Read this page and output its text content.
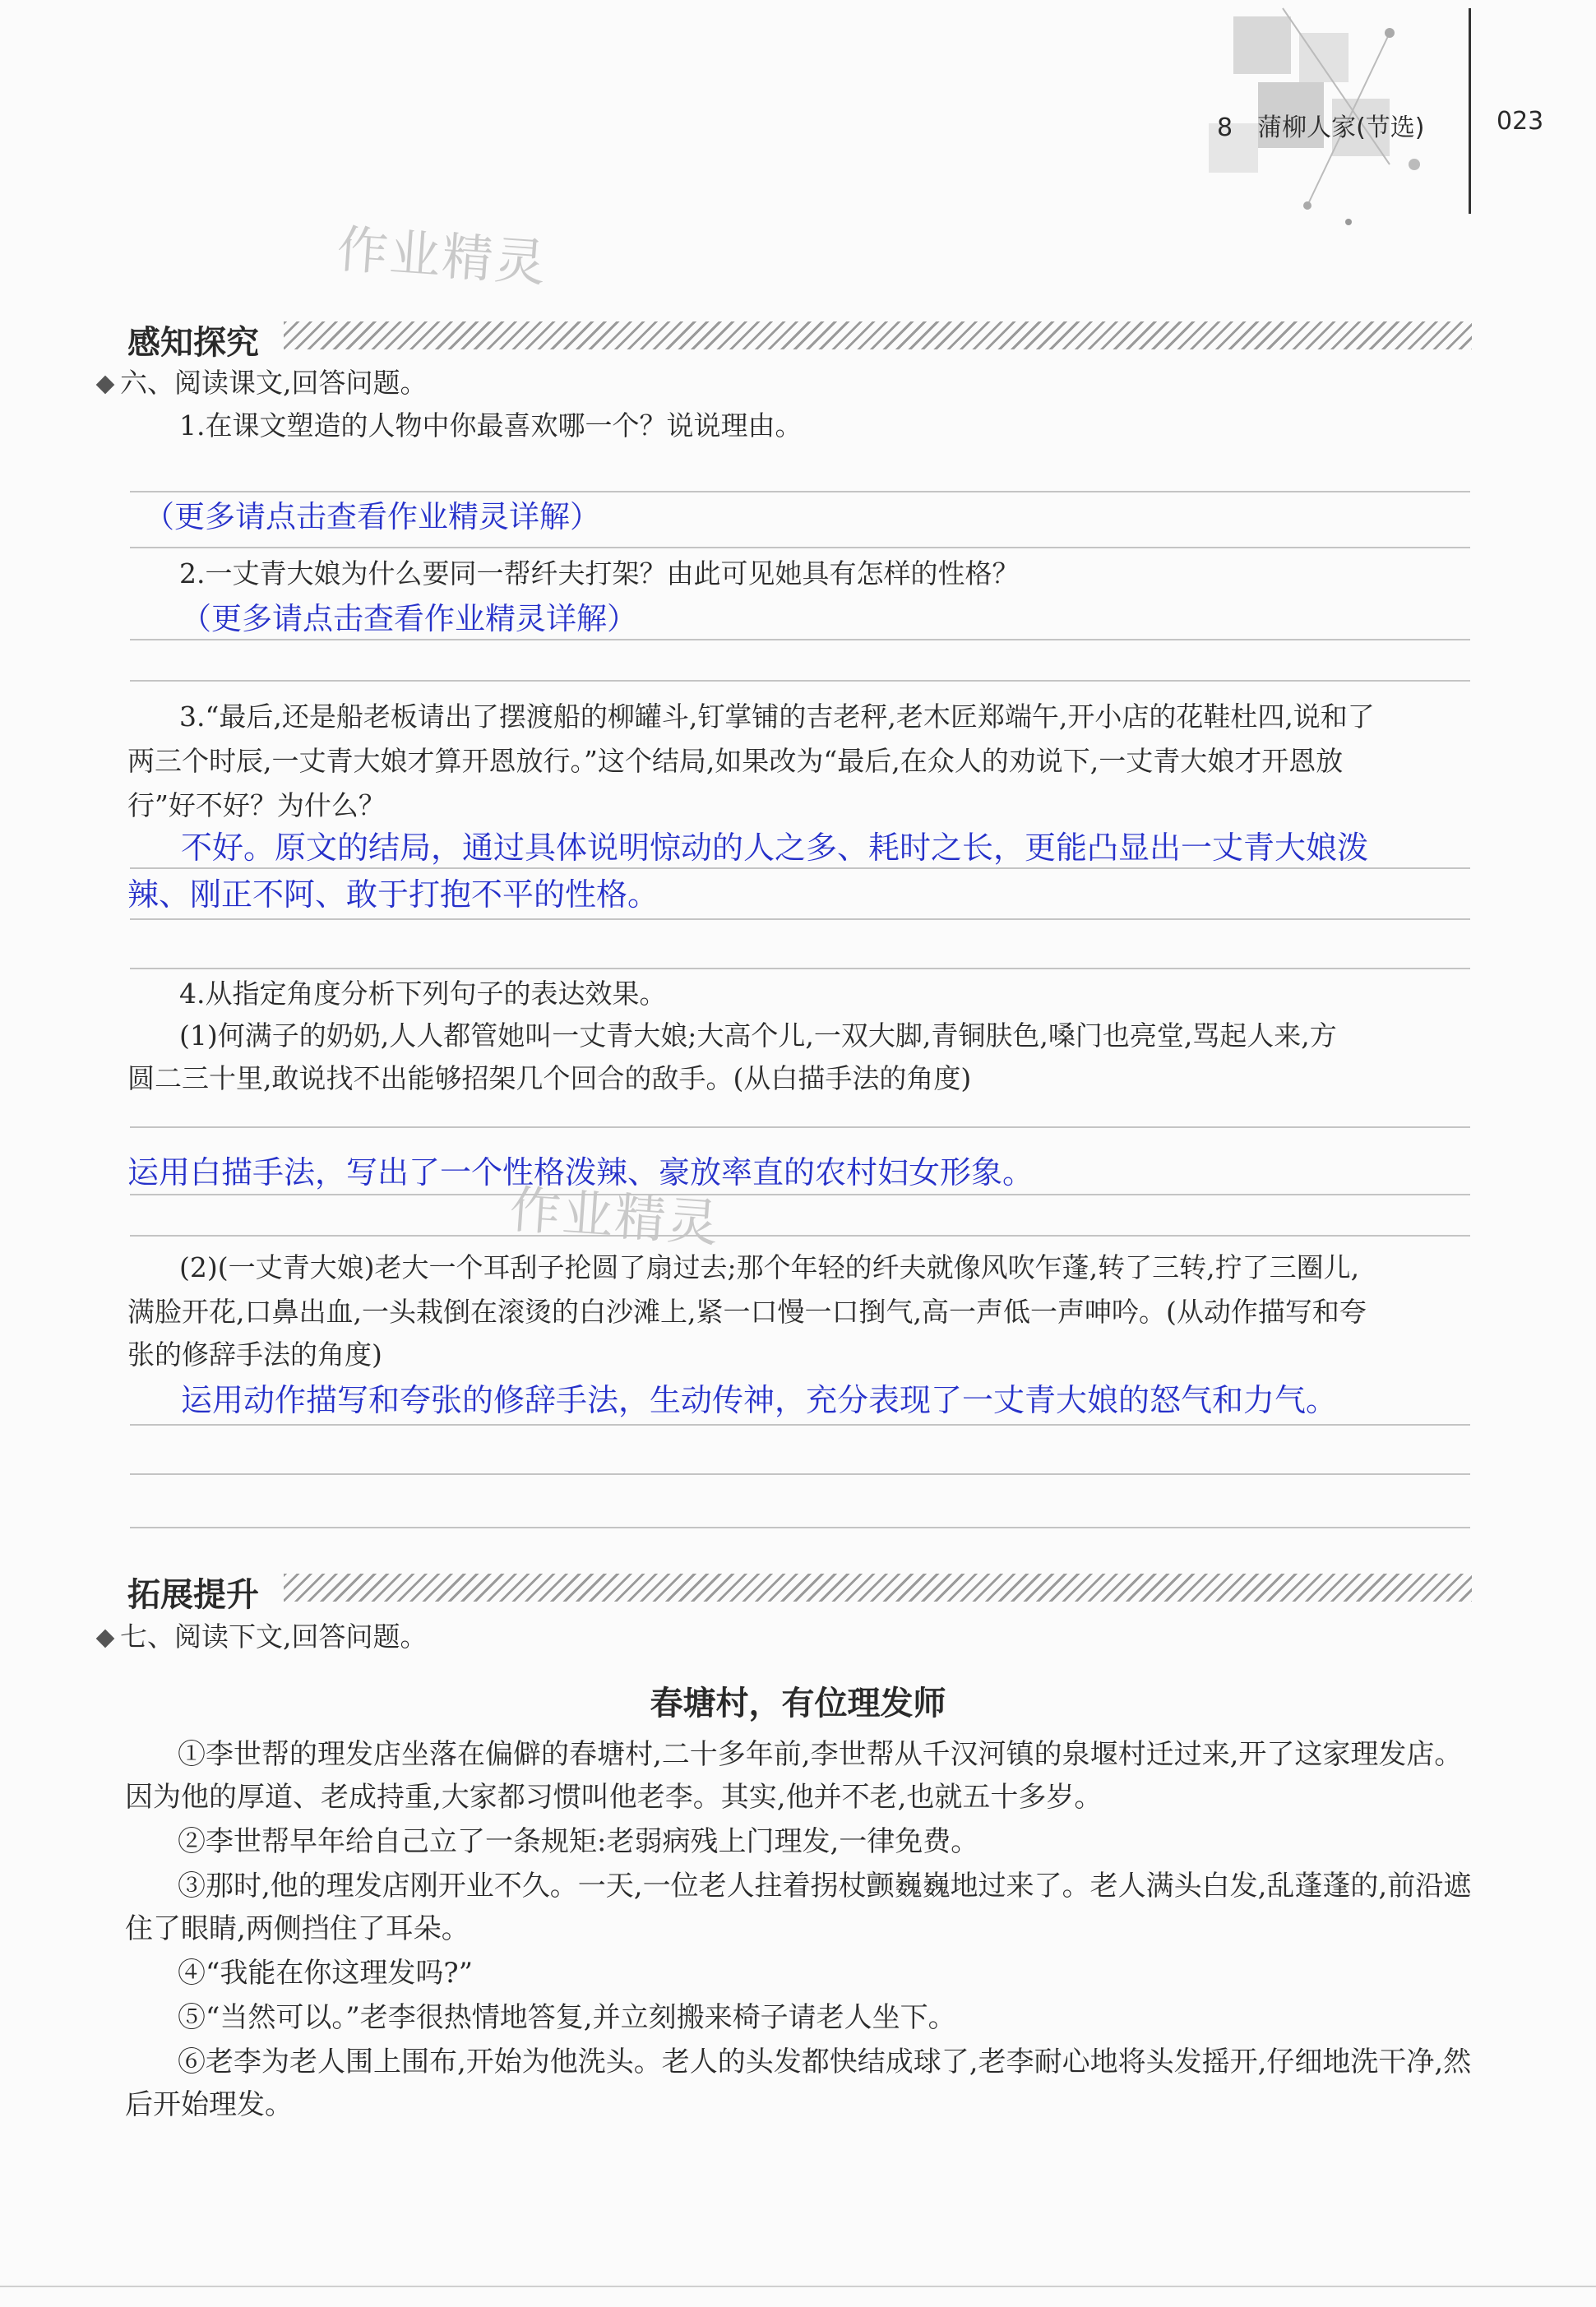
8　蒲柳人家(节选)	023
作业精灵
作业精灵
感知探究
六、阅读课文,回答问题。
1.在课文塑造的人物中你最喜欢哪一个？说说理由。
（更多请点击查看作业精灵详解）
2.一丈青大娘为什么要同一帮纤夫打架？由此可见她具有怎样的性格？
（更多请点击查看作业精灵详解）
3.“最后,还是船老板请出了摆渡船的柳罐斗,钉掌铺的吉老秤,老木匠郑端午,开小店的花鞋杜四,说和了
两三个时辰,一丈青大娘才算开恩放行。”这个结局,如果改为“最后,在众人的劝说下,一丈青大娘才开恩放
行”好不好？为什么？
不好。原文的结局，通过具体说明惊动的人之多、耗时之长，更能凸显出一丈青大娘泼
辣、刚正不阿、敢于打抱不平的性格。
4.从指定角度分析下列句子的表达效果。
(1)何满子的奶奶,人人都管她叫一丈青大娘;大高个儿,一双大脚,青铜肤色,嗓门也亮堂,骂起人来,方
圆二三十里,敢说找不出能够招架几个回合的敌手。(从白描手法的角度)
运用白描手法，写出了一个性格泼辣、豪放率直的农村妇女形象。
(2)(一丈青大娘)老大一个耳刮子抡圆了扇过去;那个年轻的纤夫就像风吹乍蓬,转了三转,拧了三圈儿,
满脸开花,口鼻出血,一头栽倒在滚烫的白沙滩上,紧一口慢一口捯气,高一声低一声呻吟。(从动作描写和夸
张的修辞手法的角度)
运用动作描写和夸张的修辞手法，生动传神，充分表现了一丈青大娘的怒气和力气。
拓展提升
七、阅读下文,回答问题。
春塘村，有位理发师

①李世帮的理发店坐落在偏僻的春塘村,二十多年前,李世帮从千汉河镇的泉堰村迁过来,开了这家理发店。因为他的厚道、老成持重,大家都习惯叫他老李。其实,他并不老,也就五十多岁。

②李世帮早年给自己立了一条规矩:老弱病残上门理发,一律免费。

③那时,他的理发店刚开业不久。一天,一位老人拄着拐杖颤巍巍地过来了。老人满头白发,乱蓬蓬的,前沿遮住了眼睛,两侧挡住了耳朵。

④“我能在你这理发吗?”

⑤“当然可以。”老李很热情地答复,并立刻搬来椅子请老人坐下。

⑥老李为老人围上围布,开始为他洗头。老人的头发都快结成球了,老李耐心地将头发摇开,仔细地洗干净,然后开始理发。
